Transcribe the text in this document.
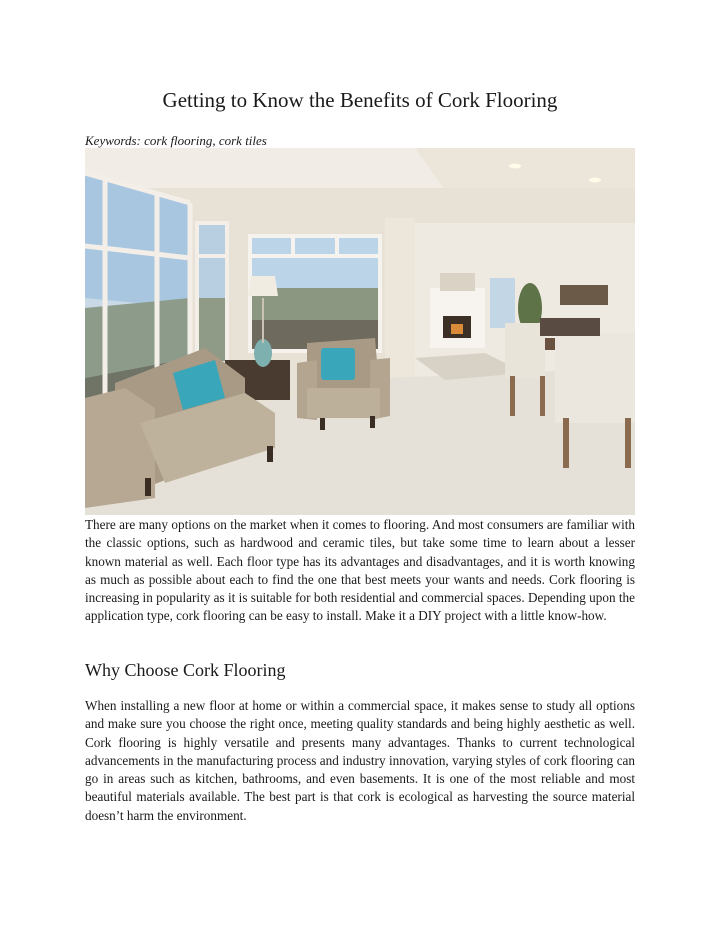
Getting to Know the Benefits of Cork Flooring

Keywords: cork flooring, cork tiles

There are many options on the market when it comes to flooring. And most consumers are familiar with the classic options, such as hardwood and ceramic tiles, but take some time to learn about a lesser known material as well. Each floor type has its advantages and disadvantages, and it is worth knowing as much as possible about each to find the one that best meets your wants and needs. Cork flooring is increasing in popularity as it is suitable for both residential and commercial spaces. Depending upon the application type, cork flooring can be easy to install. Make it a DIY project with a little know-how.

Why Choose Cork Flooring

When installing a new floor at home or within a commercial space, it makes sense to study all options and make sure you choose the right once, meeting quality standards and being highly aesthetic as well. Cork flooring is highly versatile and presents many advantages. Thanks to current technological advancements in the manufacturing process and industry innovation, varying styles of cork flooring can go in areas such as kitchen, bathrooms, and even basements. It is one of the most reliable and most beautiful materials available. The best part is that cork is ecological as harvesting the source material doesn’t harm the environment.
